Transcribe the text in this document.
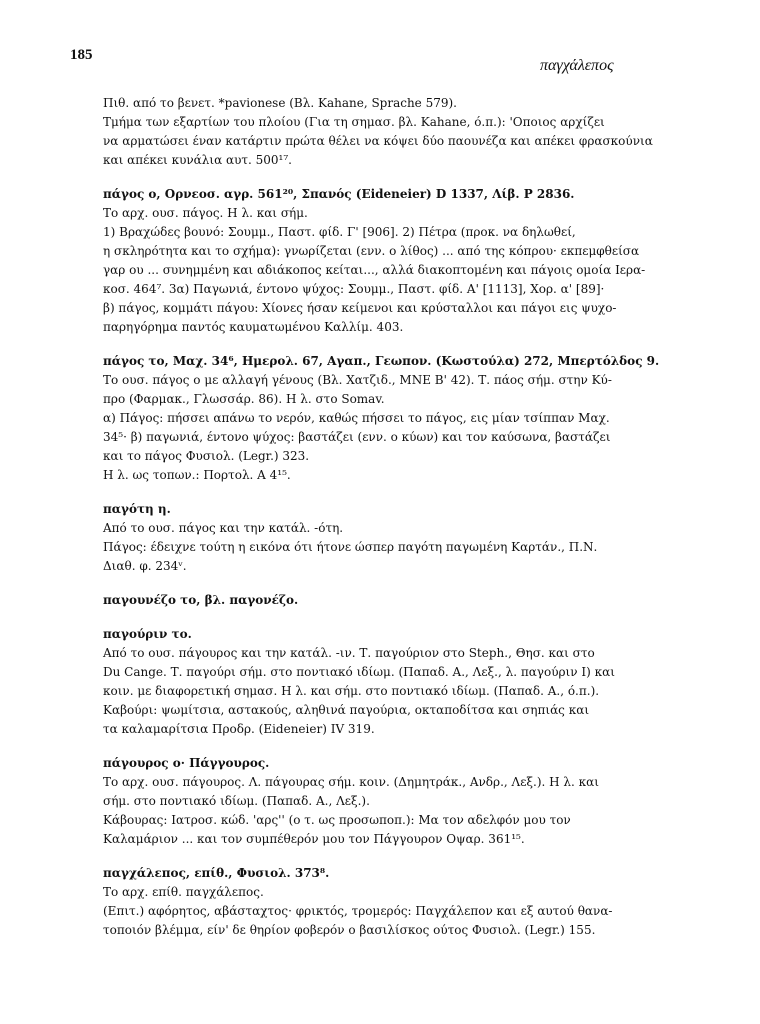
185
παγχάλεπος
Πιθ. από το βενετ. *pavionese (Βλ. Kahane, Sprache 579).
Τμήμα των εξαρτίων του πλοίου (Για τη σημασ. βλ. Kahane, ό.π.): 'Οποιος αρχίζει
να αρματώσει έναν κατάρτιν πρώτα θέλει να κόψει δύο παουνέζα και απέκει φρασκούνια
και απέκει κυνάλια αυτ. 500¹⁷.
πάγος ο, Ορνεοσ. αγρ. 561²⁰, Σπανός (Eideneier) D 1337, Λίβ. P 2836.
Το αρχ. ουσ. πάγος. Η λ. και σήμ.
1) Βραχώδες βουνό: Σουμμ., Παστ. φίδ. Γ' [906]. 2) Πέτρα (προκ. να δηλωθεί,
η σκληρότητα και το σχήμα): γνωρίζεται (ενν. ο λίθος) ... από της κόπρου· εκπεμφθείσα
γαρ ου ... συνημμένη και αδιάκοπος κείται..., αλλά διακοπτομένη και πάγοις ομοία Ιερα-
κοσ. 464⁷. 3α) Παγωνιά, έντονο ψύχος: Σουμμ., Παστ. φίδ. Α' [1113], Χορ. α' [89]·
β) πάγος, κομμάτι πάγου: Χίονες ήσαν κείμενοι και κρύσταλλοι και πάγοι εις ψυχο-
παρηγόρημα παντός καυματωμένου Καλλίμ. 403.
πάγος το, Μαχ. 34⁶, Ημερολ. 67, Αγαπ., Γεωπον. (Κωστούλα) 272, Μπερτόλδος 9.
Το ουσ. πάγος ο με αλλαγή γένους (Βλ. Χατζιδ., ΜΝΕ Β' 42). Τ. πάος σήμ. στην Κύ-
προ (Φαρμακ., Γλωσσάρ. 86). Η λ. στο Somav.
α) Πάγος: πήσσει απάνω το νερόν, καθώς πήσσει το πάγος, εις μίαν τσίππαν Μαχ.
34⁵· β) παγωνιά, έντονο ψύχος: βαστάζει (ενν. ο κύων) και τον καύσωνα, βαστάζει
και το πάγος Φυσιολ. (Legr.) 323.
Η λ. ως τοπων.: Πορτολ. Α 4¹⁵.
παγότη η.
Από το ουσ. πάγος και την κατάλ. -ότη.
Πάγος: έδειχνε τούτη η εικόνα ότι ήτονε ώσπερ παγότη παγωμένη Καρτάν., Π.Ν.
Διαθ. φ. 234ᵛ.
παγουνέζο το, βλ. παγονέζο.
παγούριν το.
Από το ουσ. πάγουρος και την κατάλ. -ιν. Τ. παγούριον στο Steph., Θησ. και στο
Du Cange. Τ. παγούρι σήμ. στο ποντιακό ιδίωμ. (Παπαδ. Α., Λεξ., λ. παγούριν Ι) και
κοιν. με διαφορετική σημασ. Η λ. και σήμ. στο ποντιακό ιδίωμ. (Παπαδ. Α., ό.π.).
Καβούρι: ψωμίτσια, αστακούς, αληθινά παγούρια, οκταποδίτσα και σηπιάς και
τα καλαμαρίτσια Προδρ. (Eideneier) IV 319.
πάγουρος ο· Πάγγουρος.
Το αρχ. ουσ. πάγουρος. Λ. πάγουρας σήμ. κοιν. (Δημητράκ., Ανδρ., Λεξ.). Η λ. και
σήμ. στο ποντιακό ιδίωμ. (Παπαδ. Α., Λεξ.).
Κάβουρας: Ιατροσ. κώδ. 'αρς'' (ο τ. ως προσωποπ.): Μα τον αδελφόν μου τον
Καλαμάριον ... και τον συμπέθερόν μου τον Πάγγουρον Οψαρ. 361¹⁵.
παγχάλεπος, επίθ., Φυσιολ. 373⁸.
Το αρχ. επίθ. παγχάλεπος.
(Επιτ.) αφόρητος, αβάσταχτος· φρικτός, τρομερός: Παγχάλεπον και εξ αυτού θανα-
τοποιόν βλέμμα, είν' δε θηρίον φοβερόν ο βασιλίσκος ούτος Φυσιολ. (Legr.) 155.
